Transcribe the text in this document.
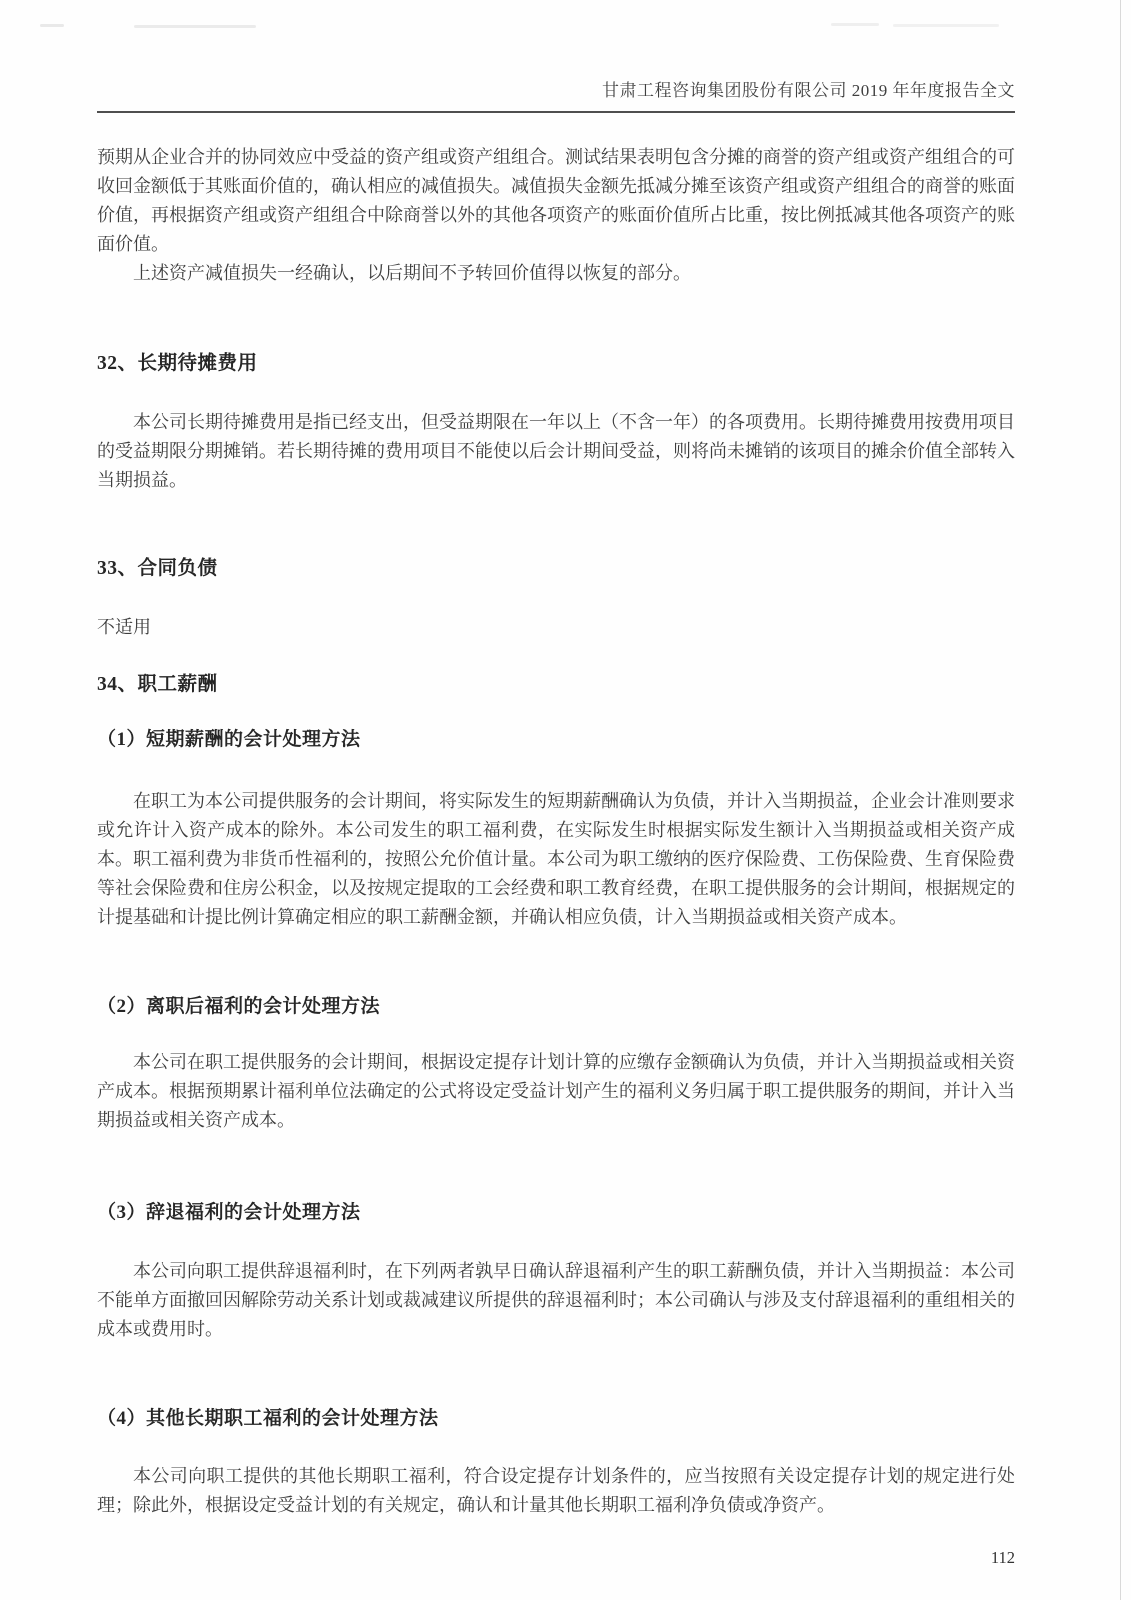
甘肃工程咨询集团股份有限公司 2019 年年度报告全文

预期从企业合并的协同效应中受益的资产组或资产组组合。测试结果表明包含分摊的商誉的资产组或资产组组合的可收回金额低于其账面价值的，确认相应的减值损失。减值损失金额先抵减分摊至该资产组或资产组组合的商誉的账面价值，再根据资产组或资产组组合中除商誉以外的其他各项资产的账面价值所占比重，按比例抵减其他各项资产的账面价值。

上述资产减值损失一经确认，以后期间不予转回价值得以恢复的部分。

32、长期待摊费用

本公司长期待摊费用是指已经支出，但受益期限在一年以上（不含一年）的各项费用。长期待摊费用按费用项目的受益期限分期摊销。若长期待摊的费用项目不能使以后会计期间受益，则将尚未摊销的该项目的摊余价值全部转入当期损益。

33、合同负债

不适用

34、职工薪酬
（1）短期薪酬的会计处理方法

在职工为本公司提供服务的会计期间，将实际发生的短期薪酬确认为负债，并计入当期损益，企业会计准则要求或允许计入资产成本的除外。本公司发生的职工福利费，在实际发生时根据实际发生额计入当期损益或相关资产成本。职工福利费为非货币性福利的，按照公允价值计量。本公司为职工缴纳的医疗保险费、工伤保险费、生育保险费等社会保险费和住房公积金，以及按规定提取的工会经费和职工教育经费，在职工提供服务的会计期间，根据规定的计提基础和计提比例计算确定相应的职工薪酬金额，并确认相应负债，计入当期损益或相关资产成本。

（2）离职后福利的会计处理方法

本公司在职工提供服务的会计期间，根据设定提存计划计算的应缴存金额确认为负债，并计入当期损益或相关资产成本。根据预期累计福利单位法确定的公式将设定受益计划产生的福利义务归属于职工提供服务的期间，并计入当期损益或相关资产成本。

（3）辞退福利的会计处理方法

本公司向职工提供辞退福利时，在下列两者孰早日确认辞退福利产生的职工薪酬负债，并计入当期损益：本公司不能单方面撤回因解除劳动关系计划或裁减建议所提供的辞退福利时；本公司确认与涉及支付辞退福利的重组相关的成本或费用时。

（4）其他长期职工福利的会计处理方法

本公司向职工提供的其他长期职工福利，符合设定提存计划条件的，应当按照有关设定提存计划的规定进行处理；除此外，根据设定受益计划的有关规定，确认和计量其他长期职工福利净负债或净资产。

112
